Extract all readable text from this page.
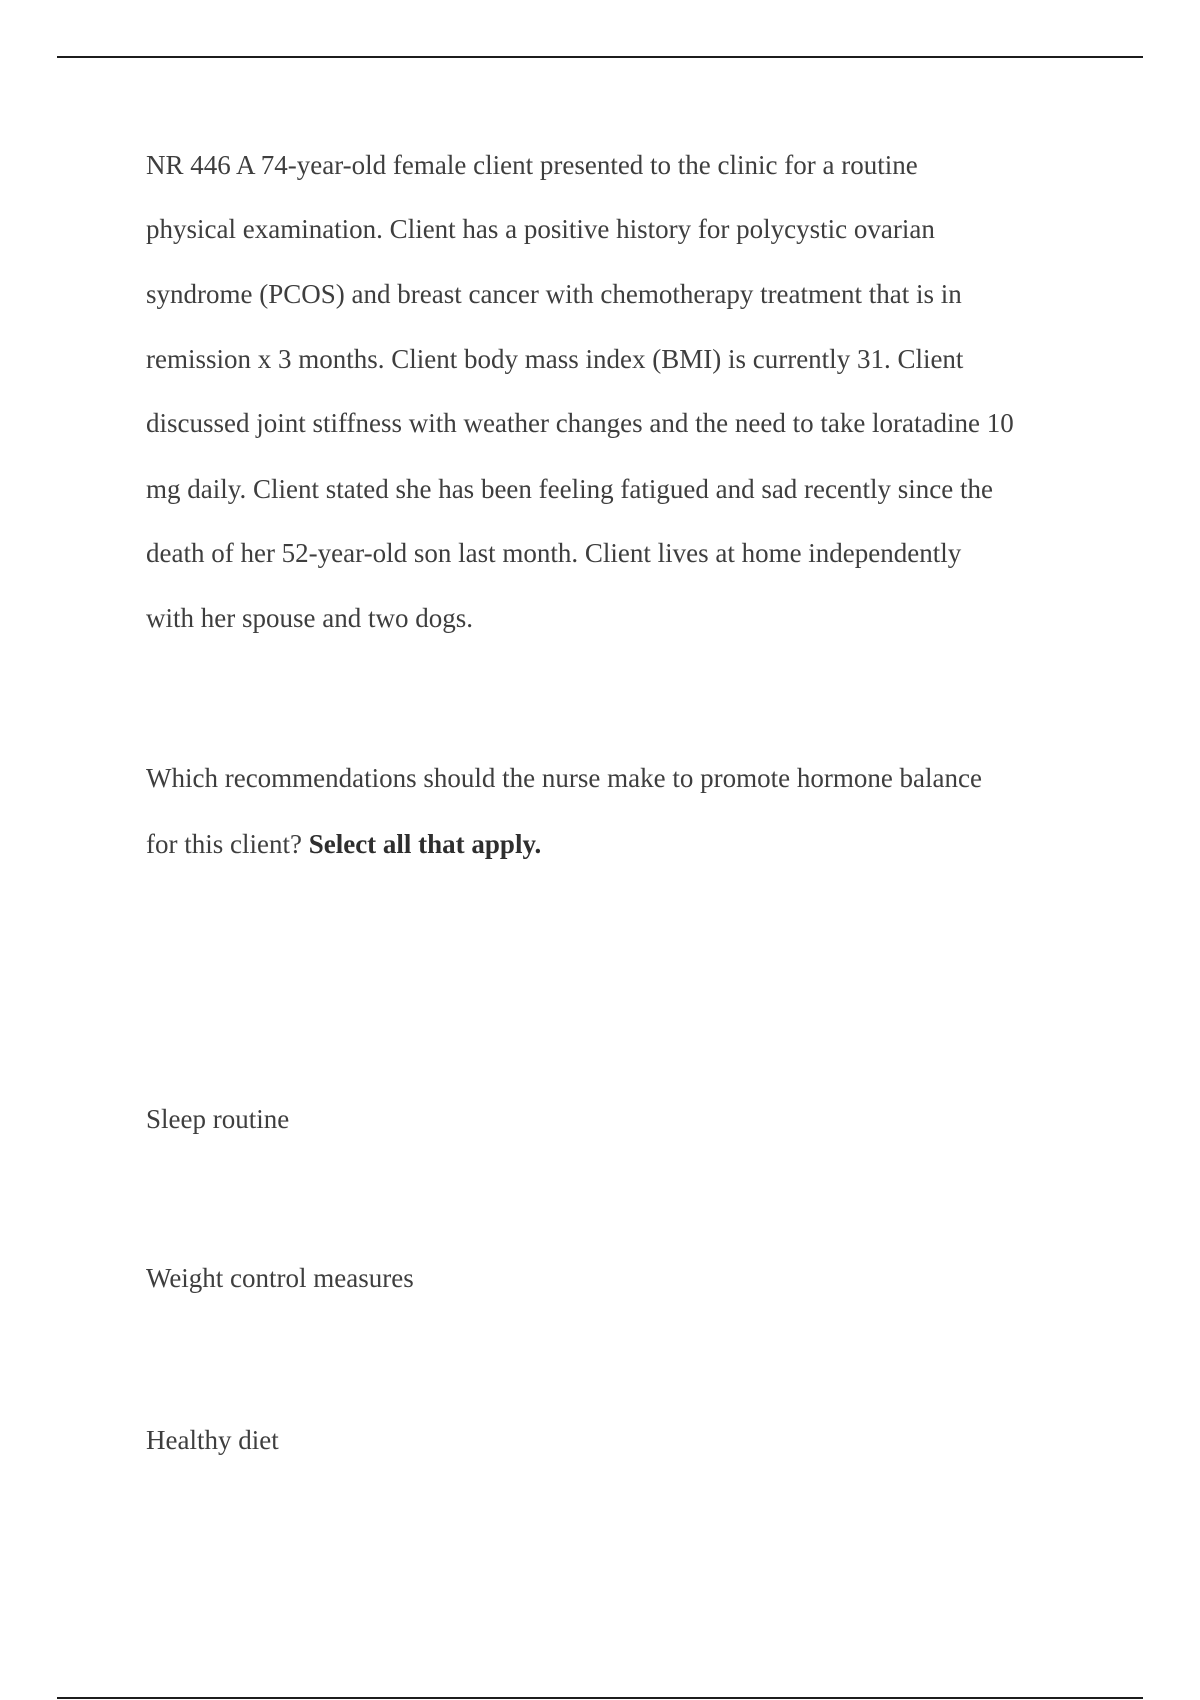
NR 446 A 74-year-old female client presented to the clinic for a routine
physical examination. Client has a positive history for polycystic ovarian
syndrome (PCOS) and breast cancer with chemotherapy treatment that is in
remission x 3 months. Client body mass index (BMI) is currently 31. Client
discussed joint stiffness with weather changes and the need to take loratadine 10
mg daily. Client stated she has been feeling fatigued and sad recently since the
death of her 52-year-old son last month. Client lives at home independently
with her spouse and two dogs.
Which recommendations should the nurse make to promote hormone balance
for this client? Select all that apply.
Sleep routine
Weight control measures
Healthy diet
